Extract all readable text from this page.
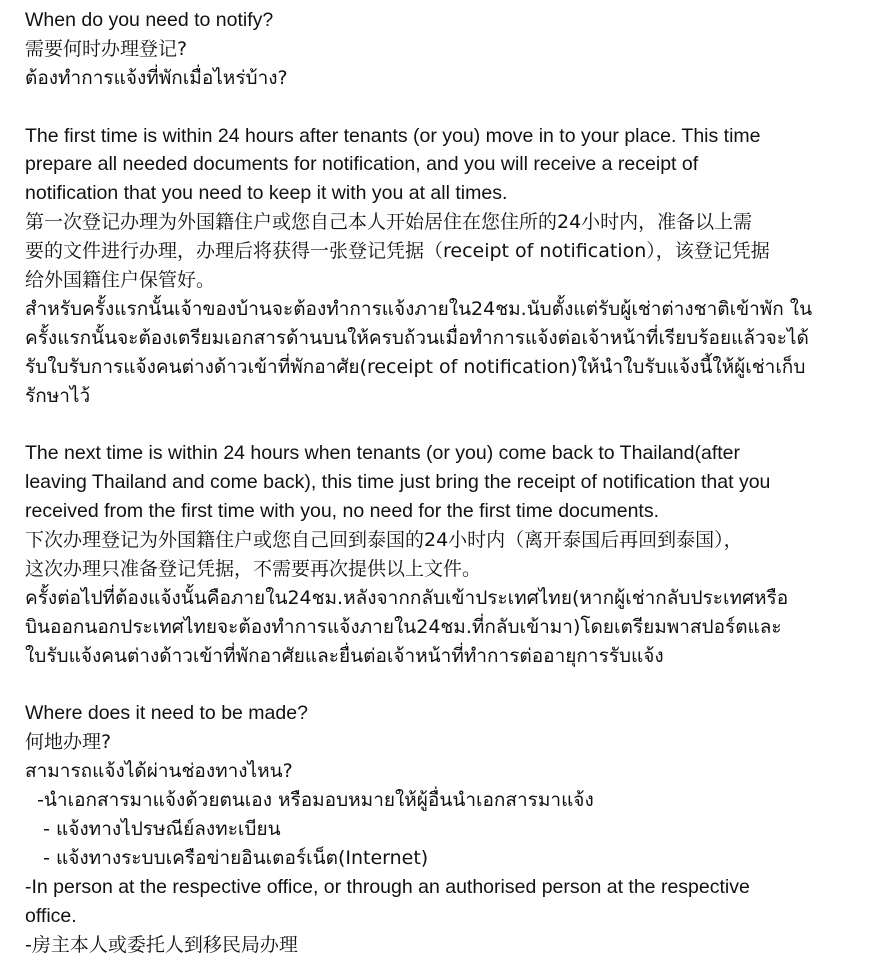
When do you need to notify?
需要何时办理登记?
ต้องทำการแจ้งที่พักเมื่อไหร่บ้าง?
The first time is within 24 hours after tenants (or you) move in to your place. This time
prepare all needed documents for notification, and you will receive a receipt of
notification that you need to keep it with you at all times.
第一次登记办理为外国籍住户或您自己本人开始居住在您住所的24小时内，准备以上需
要的文件进行办理，办理后将获得一张登记凭据（receipt of notification），该登记凭据
给外国籍住户保管好。
สำหรับครั้งแรกนั้นเจ้าของบ้านจะต้องทำการแจ้งภายใน24ชม.นับตั้งแต่รับผู้เช่าต่างชาติเข้าพัก ใน
ครั้งแรกนั้นจะต้องเตรียมเอกสารด้านบนให้ครบถ้วนเมื่อทำการแจ้งต่อเจ้าหน้าที่เรียบร้อยแล้วจะได้
รับใบรับการแจ้งคนต่างด้าวเข้าที่พักอาศัย(receipt of notification)ให้นำใบรับแจ้งนี้ให้ผู้เช่าเก็บ
รักษาไว้
The next time is within 24 hours when tenants (or you) come back to Thailand(after
leaving Thailand and come back), this time just bring the receipt of notification that you
received from the first time with you, no need for the first time documents.
下次办理登记为外国籍住户或您自己回到泰国的24小时内（离开泰国后再回到泰国），
这次办理只准备登记凭据，不需要再次提供以上文件。
ครั้งต่อไปที่ต้องแจ้งนั้นคือภายใน24ชม.หลังจากกลับเข้าประเทศไทย(หากผู้เช่ากลับประเทศหรือ
บินออกนอกประเทศไทยจะต้องทำการแจ้งภายใน24ชม.ที่กลับเข้ามา)โดยเตรียมพาสปอร์ตและ
ใบรับแจ้งคนต่างด้าวเข้าที่พักอาศัยและยื่นต่อเจ้าหน้าที่ทำการต่ออายุการรับแจ้ง
Where does it need to be made?
何地办理?
สามารถแจ้งได้ผ่านช่องทางไหน?
-นำเอกสารมาแจ้งด้วยตนเอง หรือมอบหมายให้ผู้อื่นนำเอกสารมาแจ้ง
- แจ้งทางไปรษณีย์ลงทะเบียน
- แจ้งทางระบบเครือข่ายอินเตอร์เน็ต(Internet)
-In person at the respective office, or through an authorised person at the respective
office.
-房主本人或委托人到移民局办理
